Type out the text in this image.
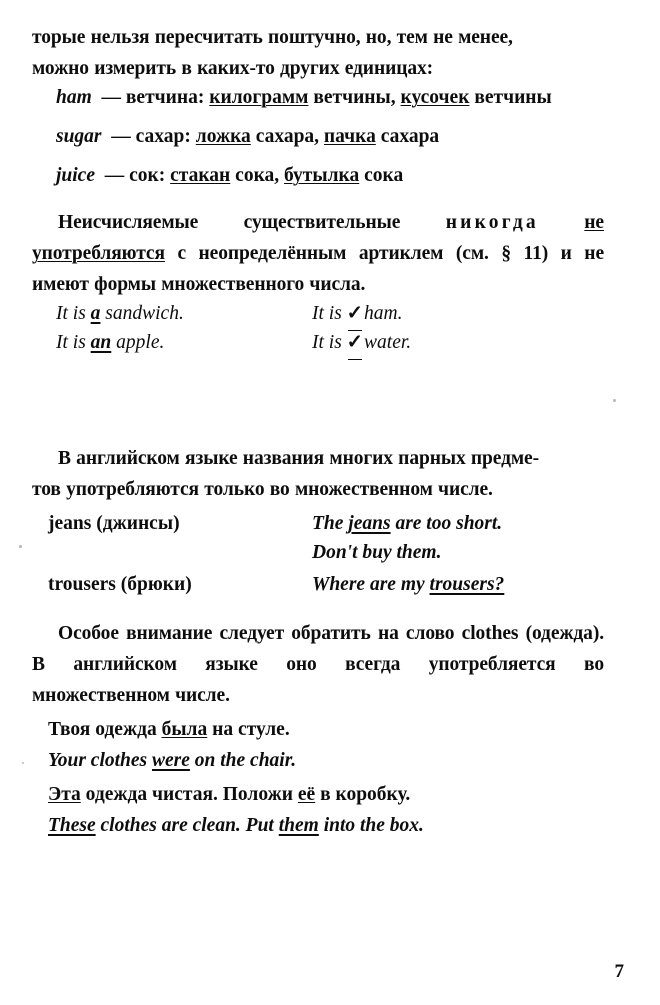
торые нельзя пересчитать поштучно, но, тем не менее,
можно измерить в каких-то других единицах:
ham — ветчина: килограмм ветчины, кусочек ветчины
sugar — сахар: ложка сахара, пачка сахара
juice — сок: стакан сока, бутылка сока
Неисчисляемые существительные никогда не употребляются с неопределённым артиклем (см. § 11) и не имеют формы множественного числа.
It is a sandwich.
It is an apple.
It is ✓ham.
It is ✓water.
В английском языке названия многих парных предме-
тов употребляются только во множественном числе.
jeans (джинсы)	The jeans are too short.
Don't buy them.
trousers (брюки)	Where are my trousers?
Особое внимание следует обратить на слово clothes (одежда). В английском языке оно всегда употребляется во множественном числе.
Твоя одежда была на стуле.
Your clothes were on the chair.
Эта одежда чистая. Положи её в коробку.
These clothes are clean. Put them into the box.
7
